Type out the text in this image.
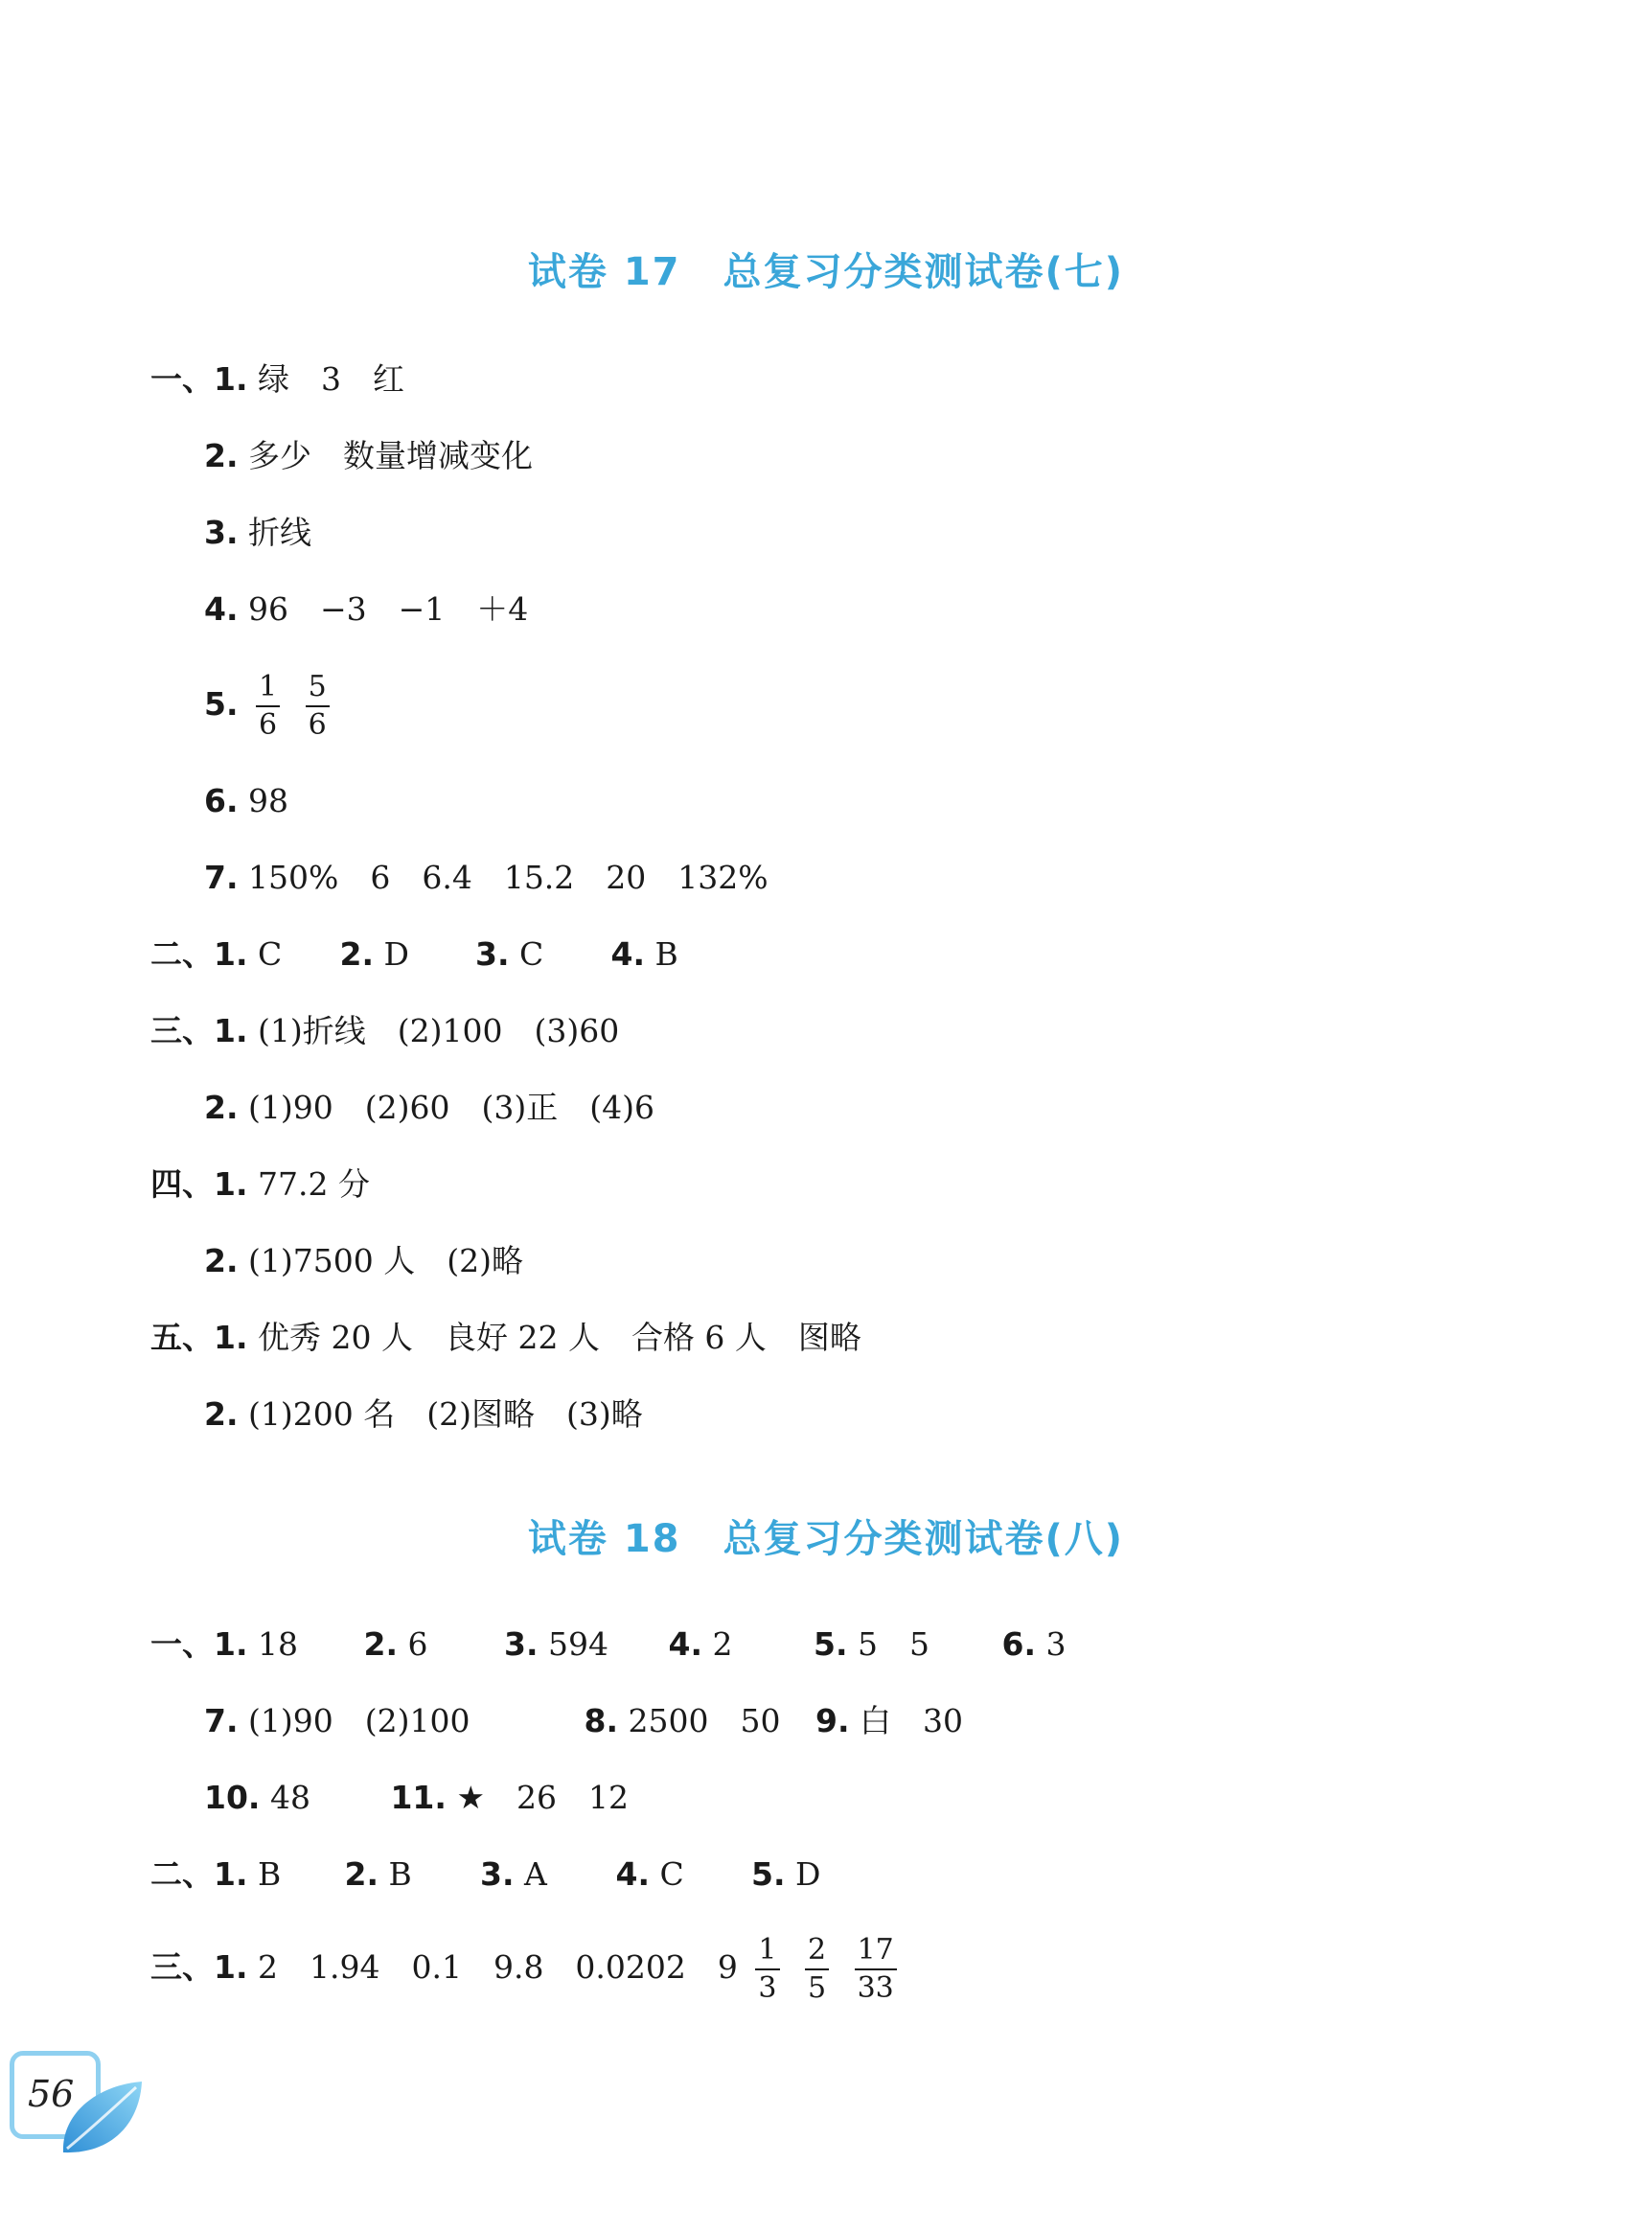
试卷 17 总复习分类测试卷(七)
一、1. 绿　3　红
2. 多少　数量增减变化
3. 折线
4. 96　−3　−1　＋4
5. $\frac{1}{6}$
$\frac{5}{6}$
6. 98
7. 150%　6　6.4　15.2　20　132%
二、1. C 2. D 3. C 4. B
三、1. (1)折线　(2)100　(3)60
2. (1)90　(2)60　(3)正　(4)6
四、1. 77.2 分
2. (1)7500 人　(2)略
五、1. 优秀 20 人　良好 22 人　合格 6 人　图略
2. (1)200 名　(2)图略　(3)略
试卷 18 总复习分类测试卷(八)
一、1. 18 2. 6 3. 594 4. 2	5. 5　5 6. 3
7. (1)90　(2)100	8. 2500　50 9. 白　30
10. 48	11. ★　26　12
二、1. B 2. B 3. A 4. C 5. D
三、1. 2　1.94　0.1　9.8　0.0202　$9 \frac{1}{3}$
$\frac{2}{5}$
$\frac{17}{33}$
56
